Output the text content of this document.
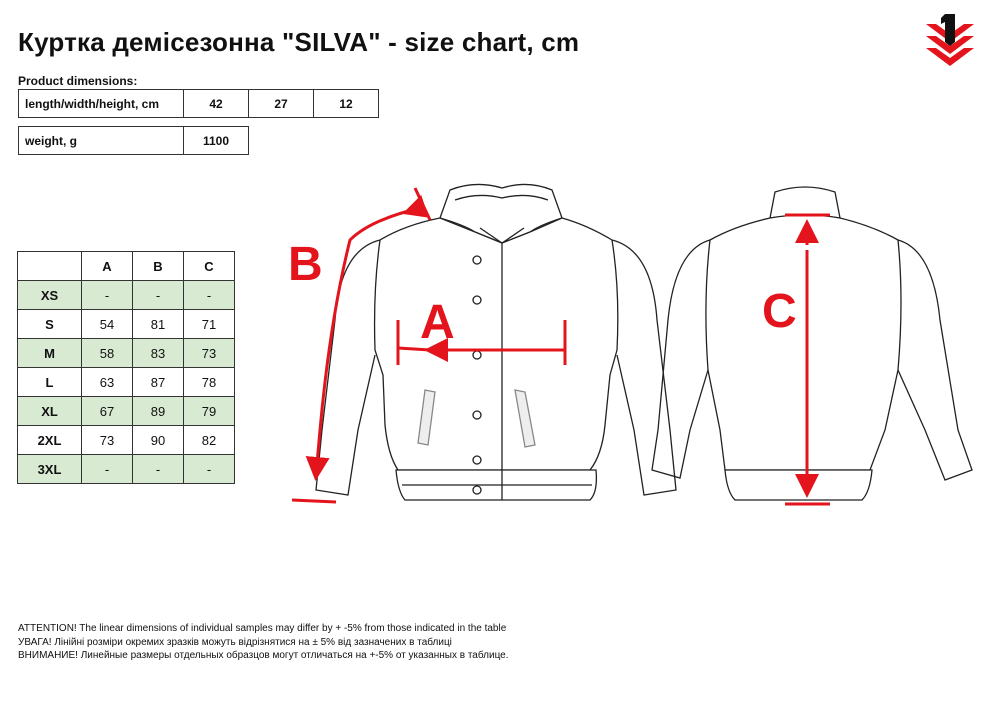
Куртка демісезонна "SILVA" - size chart, cm
Product dimensions:
length/width/height, cm	42	27	12
weight, g	1100
	A	B	C
XS	-	-	-
S	54	81	71
M	58	83	73
L	63	87	78
XL	67	89	79
2XL	73	90	82
3XL	-	-	-
A
B
C
ATTENTION! The linear dimensions of individual samples may differ by + -5% from those indicated in the table
УВАГА! Лінійні розміри окремих зразків можуть відрізнятися на ± 5% від зазначених в таблиці
ВНИМАНИЕ! Линейные размеры отдельных образцов могут отличаться на +-5% от указанных в таблице.
